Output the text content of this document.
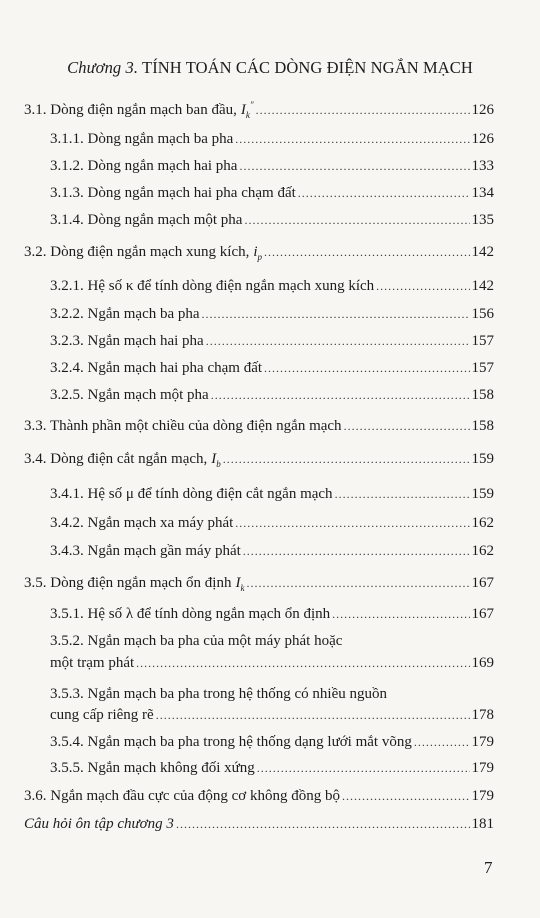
Chương 3. TÍNH TOÁN CÁC DÒNG ĐIỆN NGẮN MẠCH
3.1. Dòng điện ngắn mạch ban đầu, $I_k''$ .....	126
3.1.1. Dòng ngắn mạch ba pha .....	126
3.1.2. Dòng ngắn mạch hai pha .....	133
3.1.3. Dòng ngắn mạch hai pha chạm đất .....	134
3.1.4. Dòng ngắn mạch một pha .....	135
3.2. Dòng điện ngắn mạch xung kích, $i_p$ .....	142
3.2.1. Hệ số κ để tính dòng điện ngắn mạch xung kích .....	142
3.2.2. Ngắn mạch ba pha .....	156
3.2.3. Ngắn mạch hai pha .....	157
3.2.4. Ngắn mạch hai pha chạm đất .....	157
3.2.5. Ngắn mạch một pha .....	158
3.3. Thành phần một chiều của dòng điện ngắn mạch .....	158
3.4. Dòng điện cắt ngắn mạch, $I_b$ .....	159
3.4.1. Hệ số μ để tính dòng điện cắt ngắn mạch .....	159
3.4.2. Ngắn mạch xa máy phát .....	162
3.4.3. Ngắn mạch gần máy phát .....	162
3.5. Dòng điện ngắn mạch ổn định $I_k$ .....	167
3.5.1. Hệ số λ để tính dòng ngắn mạch ổn định .....	167
3.5.2. Ngắn mạch ba pha của một máy phát hoặc
một trạm phát .....	169
3.5.3. Ngắn mạch ba pha trong hệ thống có nhiều nguồn
cung cấp riêng rẽ .....	178
3.5.4. Ngắn mạch ba pha trong hệ thống dạng lưới mắt võng .....	179
3.5.5. Ngắn mạch không đối xứng .....	179
3.6. Ngắn mạch đầu cực của động cơ không đồng bộ .....	179
Câu hỏi ôn tập chương 3 .....	181
7
